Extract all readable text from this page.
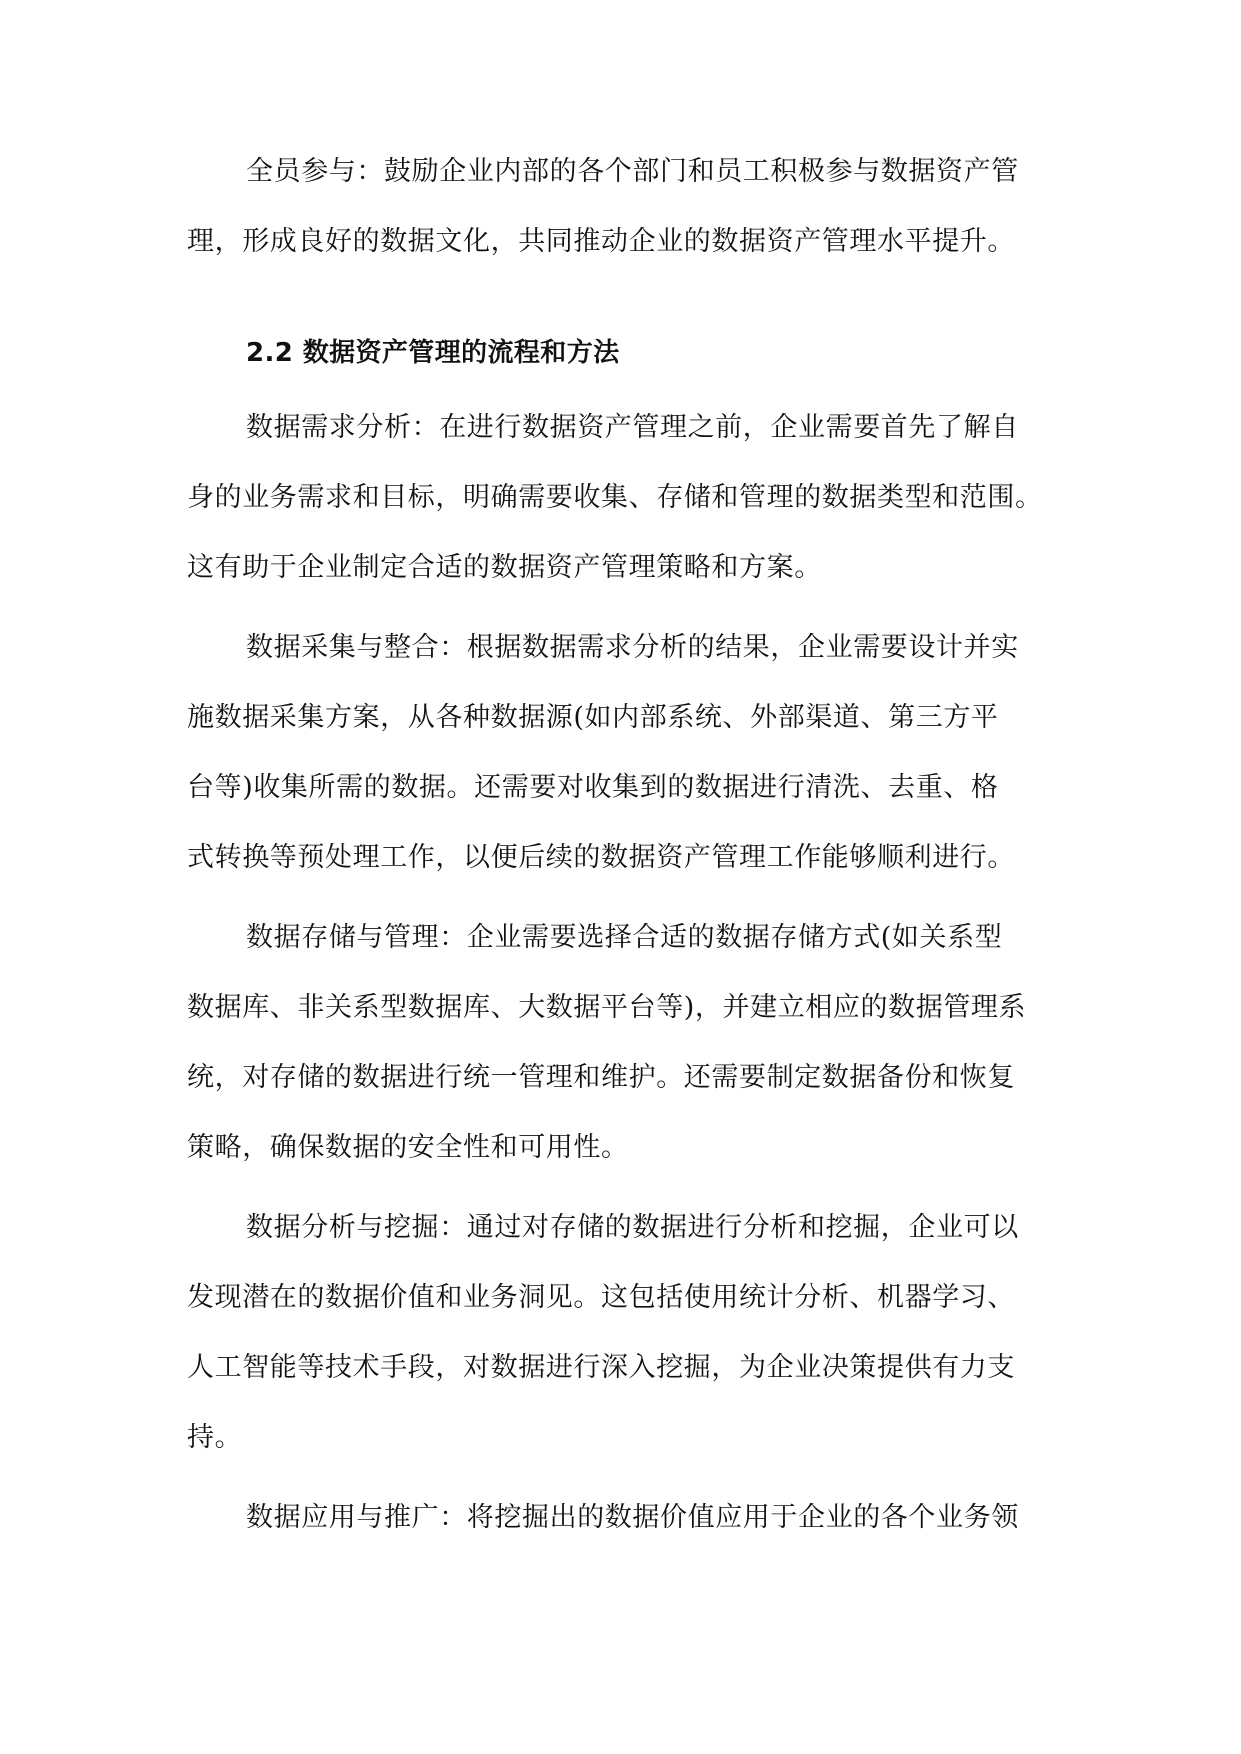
全员参与：鼓励企业内部的各个部门和员工积极参与数据资产管
理，形成良好的数据文化，共同推动企业的数据资产管理水平提升。
2.2 数据资产管理的流程和方法
数据需求分析：在进行数据资产管理之前，企业需要首先了解自
身的业务需求和目标，明确需要收集、存储和管理的数据类型和范围。
这有助于企业制定合适的数据资产管理策略和方案。
数据采集与整合：根据数据需求分析的结果，企业需要设计并实
施数据采集方案，从各种数据源(如内部系统、外部渠道、第三方平
台等)收集所需的数据。还需要对收集到的数据进行清洗、去重、格
式转换等预处理工作，以便后续的数据资产管理工作能够顺利进行。
数据存储与管理：企业需要选择合适的数据存储方式(如关系型
数据库、非关系型数据库、大数据平台等)，并建立相应的数据管理系
统，对存储的数据进行统一管理和维护。还需要制定数据备份和恢复
策略，确保数据的安全性和可用性。
数据分析与挖掘：通过对存储的数据进行分析和挖掘，企业可以
发现潜在的数据价值和业务洞见。这包括使用统计分析、机器学习、
人工智能等技术手段，对数据进行深入挖掘，为企业决策提供有力支
持。
数据应用与推广：将挖掘出的数据价值应用于企业的各个业务领
